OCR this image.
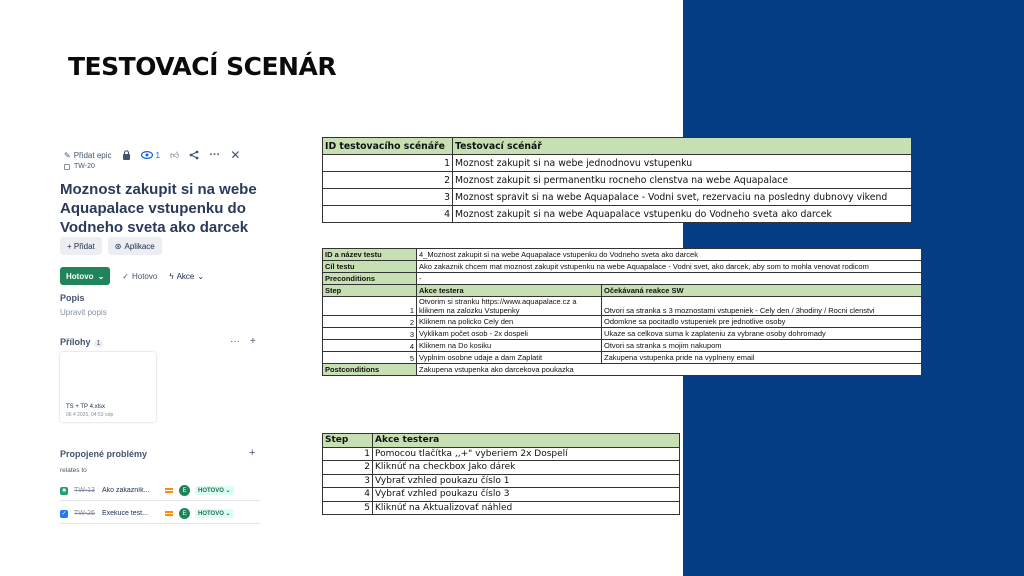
TESTOVACÍ SCENÁR
✎ Přidat epic	1 👍︎	··· ✕
TW-20
Moznost zakupit si na webe Aquapalace vstupenku do Vodneho sveta ako darcek
+ Přidat	⊛ Aplikace
Hotovo ⌄ ✓ Hotovo ϟ Akce ⌄
Popis
Upravit popis
Přílohy 1	··· +
TS + TP 4.xlsx
06 4 2025, 04:53 odp
Propojené problémy	+
relates to
■	TW-13 Ako zakazník...	E	HOTOVO ⌄
✓ TW-26 Exekuce test...	E	HOTOVO ⌄
ID testovacího scénáře	Testovací scénář
1	Moznost zakupit si na webe jednodnovu vstupenku
2	Moznost zakupit si permanentku rocneho clenstva na webe Aquapalace
3	Moznost spravit si na webe Aquapalace - Vodni svet, rezervaciu na posledny dubnovy vikend
4	Moznost zakupit si na webe Aquapalace vstupenku do Vodneho sveta ako darcek
ID a název testu	4_Moznost zakupit si na webe Aquapalace vstupenku do Vodneho sveta ako darcek	
Cíl testu	Ako zakaznik chcem mat moznost zakupit vstupenku na webe Aquapalace - Vodni svet, ako darcek, aby som to mohla venovat rodicom	
Preconditions	-	
Step	Akce testera	Očekávaná reakce SW
1	Otvorim si stranku https://www.aquapalace.cz a kliknem na zalozku Vstupenky	Otvori sa stranka s 3 moznostami vstupeniek - Cely den / 3hodiny / Rocni clenstvi
2	Kliknem na policko Cely den	Odomkne sa pocitadlo vstupeniek pre jednotlive osoby
3	Vyklikam počet osob - 2x dospeli	Ukaze sa celkova suma k zaplateniu za vybrane osoby dohromady
4	Kliknem na Do kosiku	Otvori sa stranka s mojim nakupom
5	Vyplnim osobne udaje a dam Zaplatit	Zakupena vstupenka pride na vyplneny email
Postconditions	Zakupena vstupenka ako darcekova poukazka	
Step	Akce testera
1	Pomocou tlačítka ,,+" vyberiem 2x Dospelí
2	Kliknúť na checkbox Jako dárek
3	Vybrať vzhled poukazu číslo 1
4	Vybrať vzhled poukazu číslo 3
5	Kliknúť na Aktualizovať náhled
